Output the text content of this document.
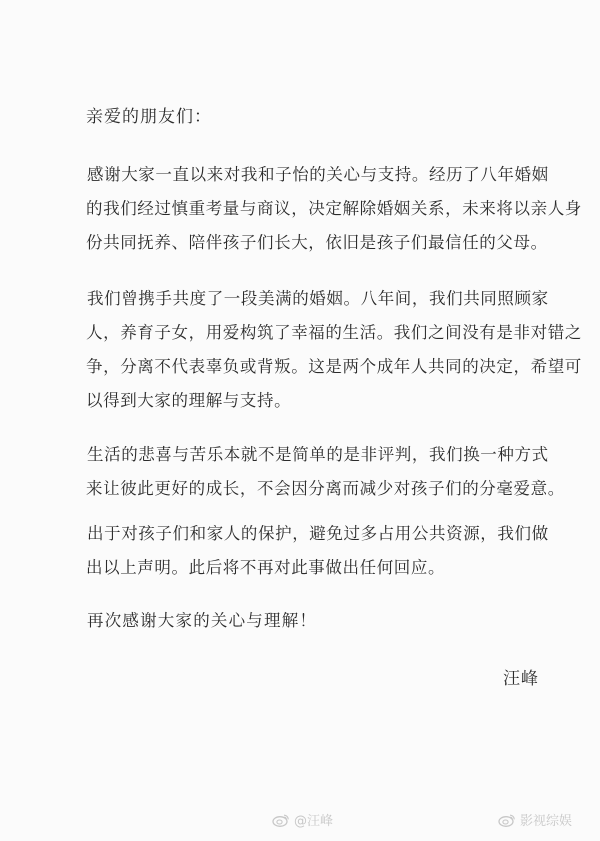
亲爱的朋友们：
感谢大家一直以来对我和子怡的关心与支持。经历了八年婚姻
的我们经过慎重考量与商议，决定解除婚姻关系，未来将以亲人身
份共同抚养、陪伴孩子们长大，依旧是孩子们最信任的父母。
我们曾携手共度了一段美满的婚姻。八年间，我们共同照顾家
人，养育子女，用爱构筑了幸福的生活。我们之间没有是非对错之
争，分离不代表辜负或背叛。这是两个成年人共同的决定，希望可
以得到大家的理解与支持。
生活的悲喜与苦乐本就不是简单的是非评判，我们换一种方式
来让彼此更好的成长，不会因分离而减少对孩子们的分毫爱意。
出于对孩子们和家人的保护，避免过多占用公共资源，我们做
出以上声明。此后将不再对此事做出任何回应。
再次感谢大家的关心与理解！
汪峰
@汪峰	影视综娱
